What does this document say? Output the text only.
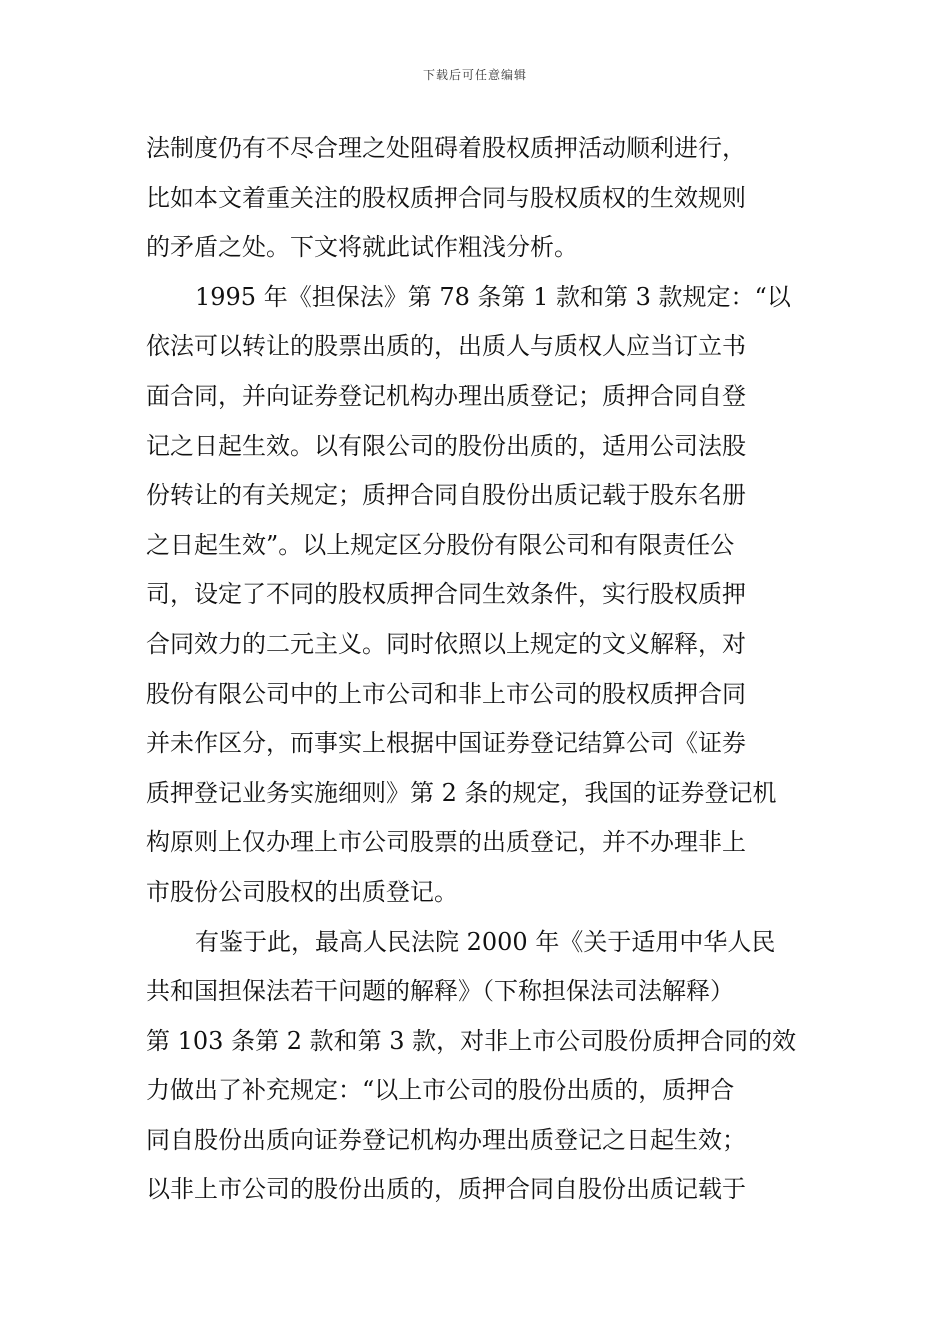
下载后可任意编辑
法制度仍有不尽合理之处阻碍着股权质押活动顺利进行，
比如本文着重关注的股权质押合同与股权质权的生效规则
的矛盾之处。下文将就此试作粗浅分析。
1995 年《担保法》第 78 条第 1 款和第 3 款规定：“以
依法可以转让的股票出质的，出质人与质权人应当订立书
面合同，并向证券登记机构办理出质登记；质押合同自登
记之日起生效。以有限公司的股份出质的，适用公司法股
份转让的有关规定；质押合同自股份出质记载于股东名册
之日起生效”。以上规定区分股份有限公司和有限责任公
司，设定了不同的股权质押合同生效条件，实行股权质押
合同效力的二元主义。同时依照以上规定的文义解释，对
股份有限公司中的上市公司和非上市公司的股权质押合同
并未作区分，而事实上根据中国证券登记结算公司《证券
质押登记业务实施细则》第 2 条的规定，我国的证券登记机
构原则上仅办理上市公司股票的出质登记，并不办理非上
市股份公司股权的出质登记。
有鉴于此，最高人民法院 2000 年《关于适用中华人民
共和国担保法若干问题的解释》（下称担保法司法解释）
第 103 条第 2 款和第 3 款，对非上市公司股份质押合同的效
力做出了补充规定：“以上市公司的股份出质的，质押合
同自股份出质向证券登记机构办理出质登记之日起生效；
以非上市公司的股份出质的，质押合同自股份出质记载于
